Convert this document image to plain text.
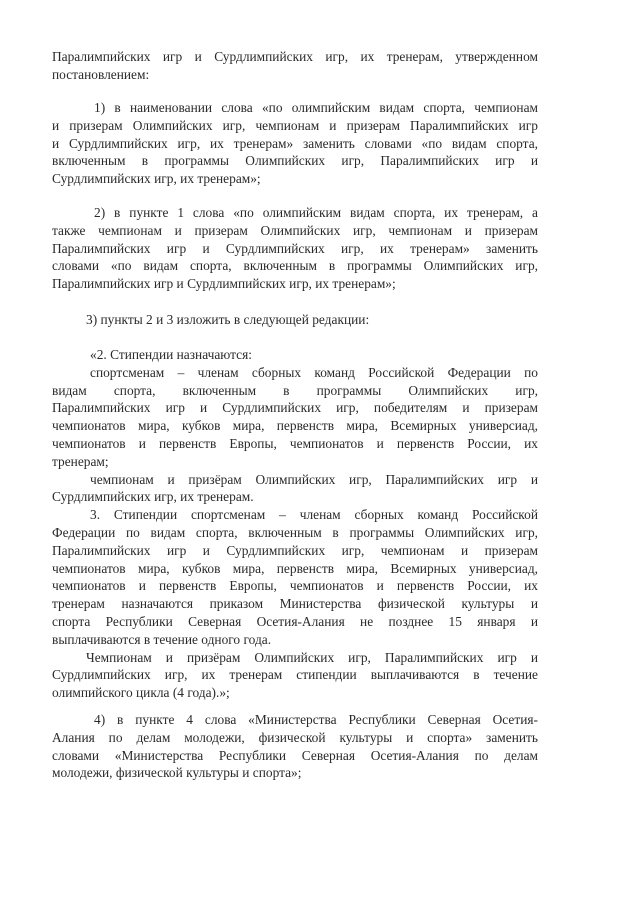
Паралимпийских игр и Сурдлимпийских игр, их тренерам, утвержденном
постановлением:
1) в наименовании слова «по олимпийским видам спорта, чемпионам
и призерам Олимпийских игр, чемпионам и призерам Паралимпийских игр
и Сурдлимпийских игр, их тренерам» заменить словами «по видам спорта,
включенным в программы Олимпийских игр, Паралимпийских игр и
Сурдлимпийских игр, их тренерам»;
2) в пункте 1 слова «по олимпийским видам спорта, их тренерам, а
также чемпионам и призерам Олимпийских игр, чемпионам и призерам
Паралимпийских игр и Сурдлимпийских игр, их тренерам» заменить
словами «по видам спорта, включенным в программы Олимпийских игр,
Паралимпийских игр и Сурдлимпийских игр, их тренерам»;
3) пункты 2 и 3 изложить в следующей редакции:
«2. Стипендии назначаются:
спортсменам – членам сборных команд Российской Федерации по
видам спорта, включенным в программы Олимпийских игр,
Паралимпийских игр и Сурдлимпийских игр, победителям и призерам
чемпионатов мира, кубков мира, первенств мира, Всемирных универсиад,
чемпионатов и первенств Европы, чемпионатов и первенств России, их
тренерам;
чемпионам и призёрам Олимпийских игр, Паралимпийских игр и
Сурдлимпийских игр, их тренерам.
3. Стипендии спортсменам – членам сборных команд Российской
Федерации по видам спорта, включенным в программы Олимпийских игр,
Паралимпийских игр и Сурдлимпийских игр, чемпионам и призерам
чемпионатов мира, кубков мира, первенств мира, Всемирных универсиад,
чемпионатов и первенств Европы, чемпионатов и первенств России, их
тренерам назначаются приказом Министерства физической культуры и
спорта Республики Северная Осетия-Алания не позднее 15 января и
выплачиваются в течение одного года.
Чемпионам и призёрам Олимпийских игр, Паралимпийских игр и
Сурдлимпийских игр, их тренерам стипендии выплачиваются в течение
олимпийского цикла (4 года).»;
4) в пункте 4 слова «Министерства Республики Северная Осетия-
Алания по делам молодежи, физической культуры и спорта» заменить
словами «Министерства Республики Северная Осетия-Алания по делам
молодежи, физической культуры и спорта»;
